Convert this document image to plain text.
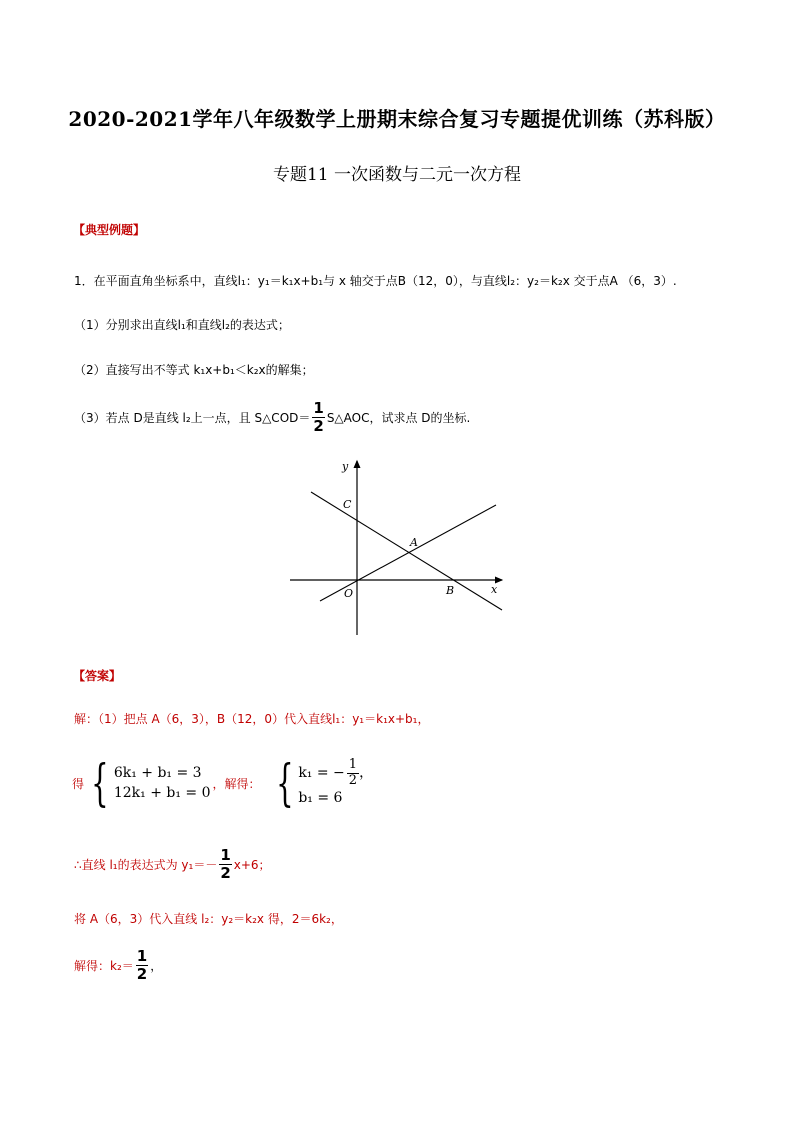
2020-2021学年八年级数学上册期末综合复习专题提优训练（苏科版）
专题11 一次函数与二元一次方程
【典型例题】
1．在平面直角坐标系中，直线l₁：y₁＝k₁x+b₁与 x 轴交于点B（12，0），与直线l₂：y₂＝k₂x 交于点A （6，3）.
（1）分别求出直线l₁和直线l₂的表达式；
（2）直接写出不等式 k₁x+b₁＜k₂x的解集；
（3）若点 D是直线 l₂上一点，且 S△COD＝ $\frac{1}{2}$ S△AOC，试求点 D的坐标.
y
x
C
A
O	B
【答案】
解：（1）把点 A（6，3），B（12，0）代入直线l₁：y₁＝k₁x+b₁，
得 { 6k₁ + b₁ = 3
12k₁ + b₁ = 0
，解得： { k₁ = − $\frac{1}{2}$ ，
b₁ = 6
∴直线 l₁的表达式为 $y_1=- \frac{1}{2} x+6$；
将 A（6，3）代入直线 l₂：y₂＝k₂x 得，2＝6k₂，
解得：$k_2= \frac{1}{2}$ ，
